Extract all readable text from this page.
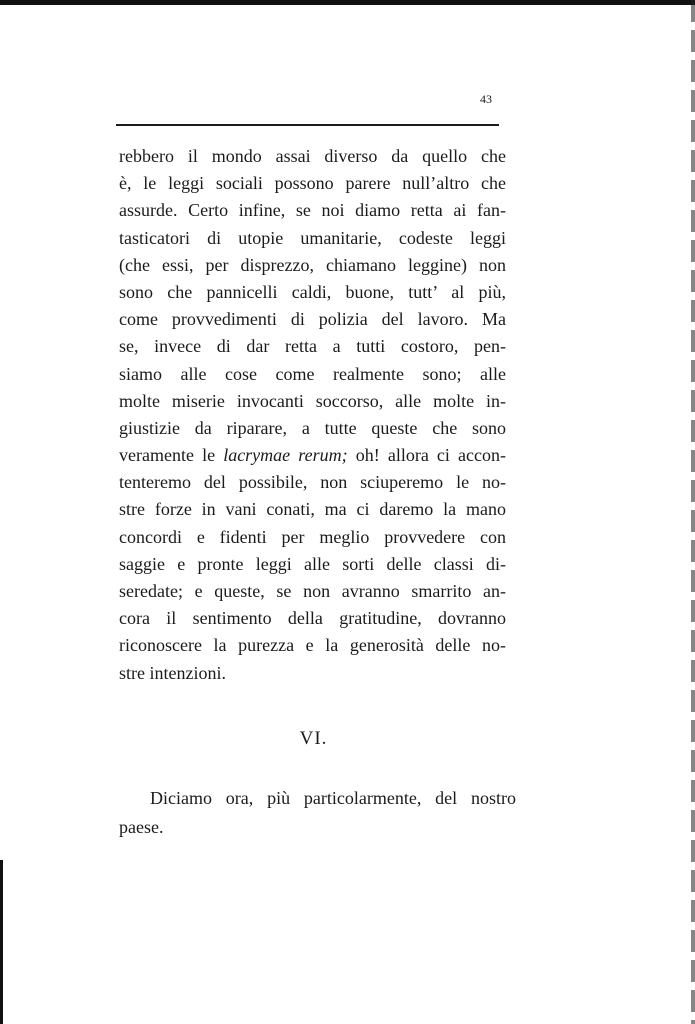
43
rebbero il mondo assai diverso da quello che
è, le leggi sociali possono parere null’altro che
assurde. Certo infine, se noi diamo retta ai fan-
tasticatori di utopie umanitarie, codeste leggi
(che essi, per disprezzo, chiamano leggine) non
sono che pannicelli caldi, buone, tutt’ al più,
come provvedimenti di polizia del lavoro. Ma
se, invece di dar retta a tutti costoro, pen-
siamo alle cose come realmente sono; alle
molte miserie invocanti soccorso, alle molte in-
giustizie da riparare, a tutte queste che sono
veramente le lacrymae rerum; oh! allora ci accon-
tenteremo del possibile, non sciuperemo le no-
stre forze in vani conati, ma ci daremo la mano
concordi e fidenti per meglio provvedere con
saggie e pronte leggi alle sorti delle classi di-
seredate; e queste, se non avranno smarrito an-
cora il sentimento della gratitudine, dovranno
riconoscere la purezza e la generosità delle no-
stre intenzioni.
VI.
Diciamo ora, più particolarmente, del nostro
paese.
